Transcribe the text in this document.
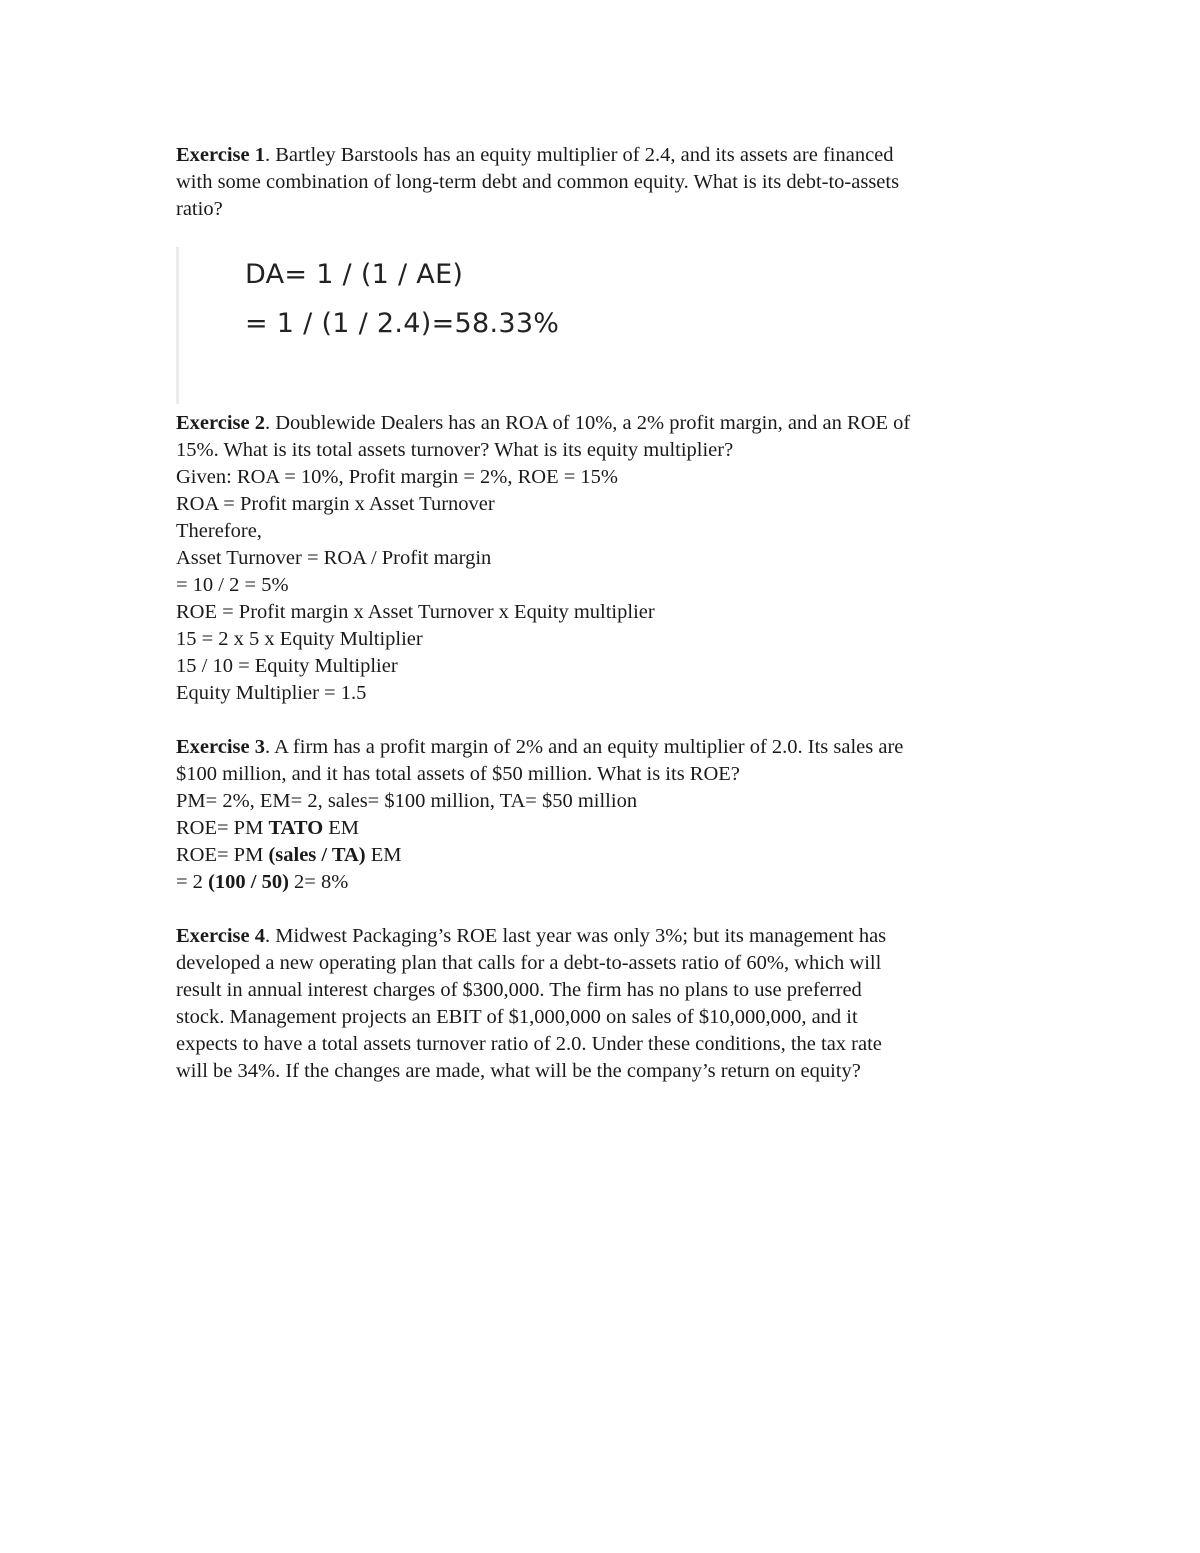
Exercise 1. Bartley Barstools has an equity multiplier of 2.4, and its assets are financed
with some combination of long-term debt and common equity. What is its debt-to-assets
ratio?
DA= 1 / (1 / AE)
= 1 / (1 / 2.4)=58.33%
Exercise 2. Doublewide Dealers has an ROA of 10%, a 2% profit margin, and an ROE of
15%. What is its total assets turnover? What is its equity multiplier?
Given: ROA = 10%, Profit margin = 2%, ROE = 15%
ROA = Profit margin x Asset Turnover
Therefore,
Asset Turnover = ROA / Profit margin
= 10 / 2 = 5%
ROE = Profit margin x Asset Turnover x Equity multiplier
15 = 2 x 5 x Equity Multiplier
15 / 10 = Equity Multiplier
Equity Multiplier = 1.5
Exercise 3. A firm has a profit margin of 2% and an equity multiplier of 2.0. Its sales are
$100 million, and it has total assets of $50 million. What is its ROE?
PM= 2%, EM= 2, sales= $100 million, TA= $50 million
ROE= PM TATO EM
ROE= PM (sales / TA) EM
= 2 (100 / 50) 2= 8%
Exercise 4. Midwest Packaging’s ROE last year was only 3%; but its management has
developed a new operating plan that calls for a debt-to-assets ratio of 60%, which will
result in annual interest charges of $300,000. The firm has no plans to use preferred
stock. Management projects an EBIT of $1,000,000 on sales of $10,000,000, and it
expects to have a total assets turnover ratio of 2.0. Under these conditions, the tax rate
will be 34%. If the changes are made, what will be the company’s return on equity?
